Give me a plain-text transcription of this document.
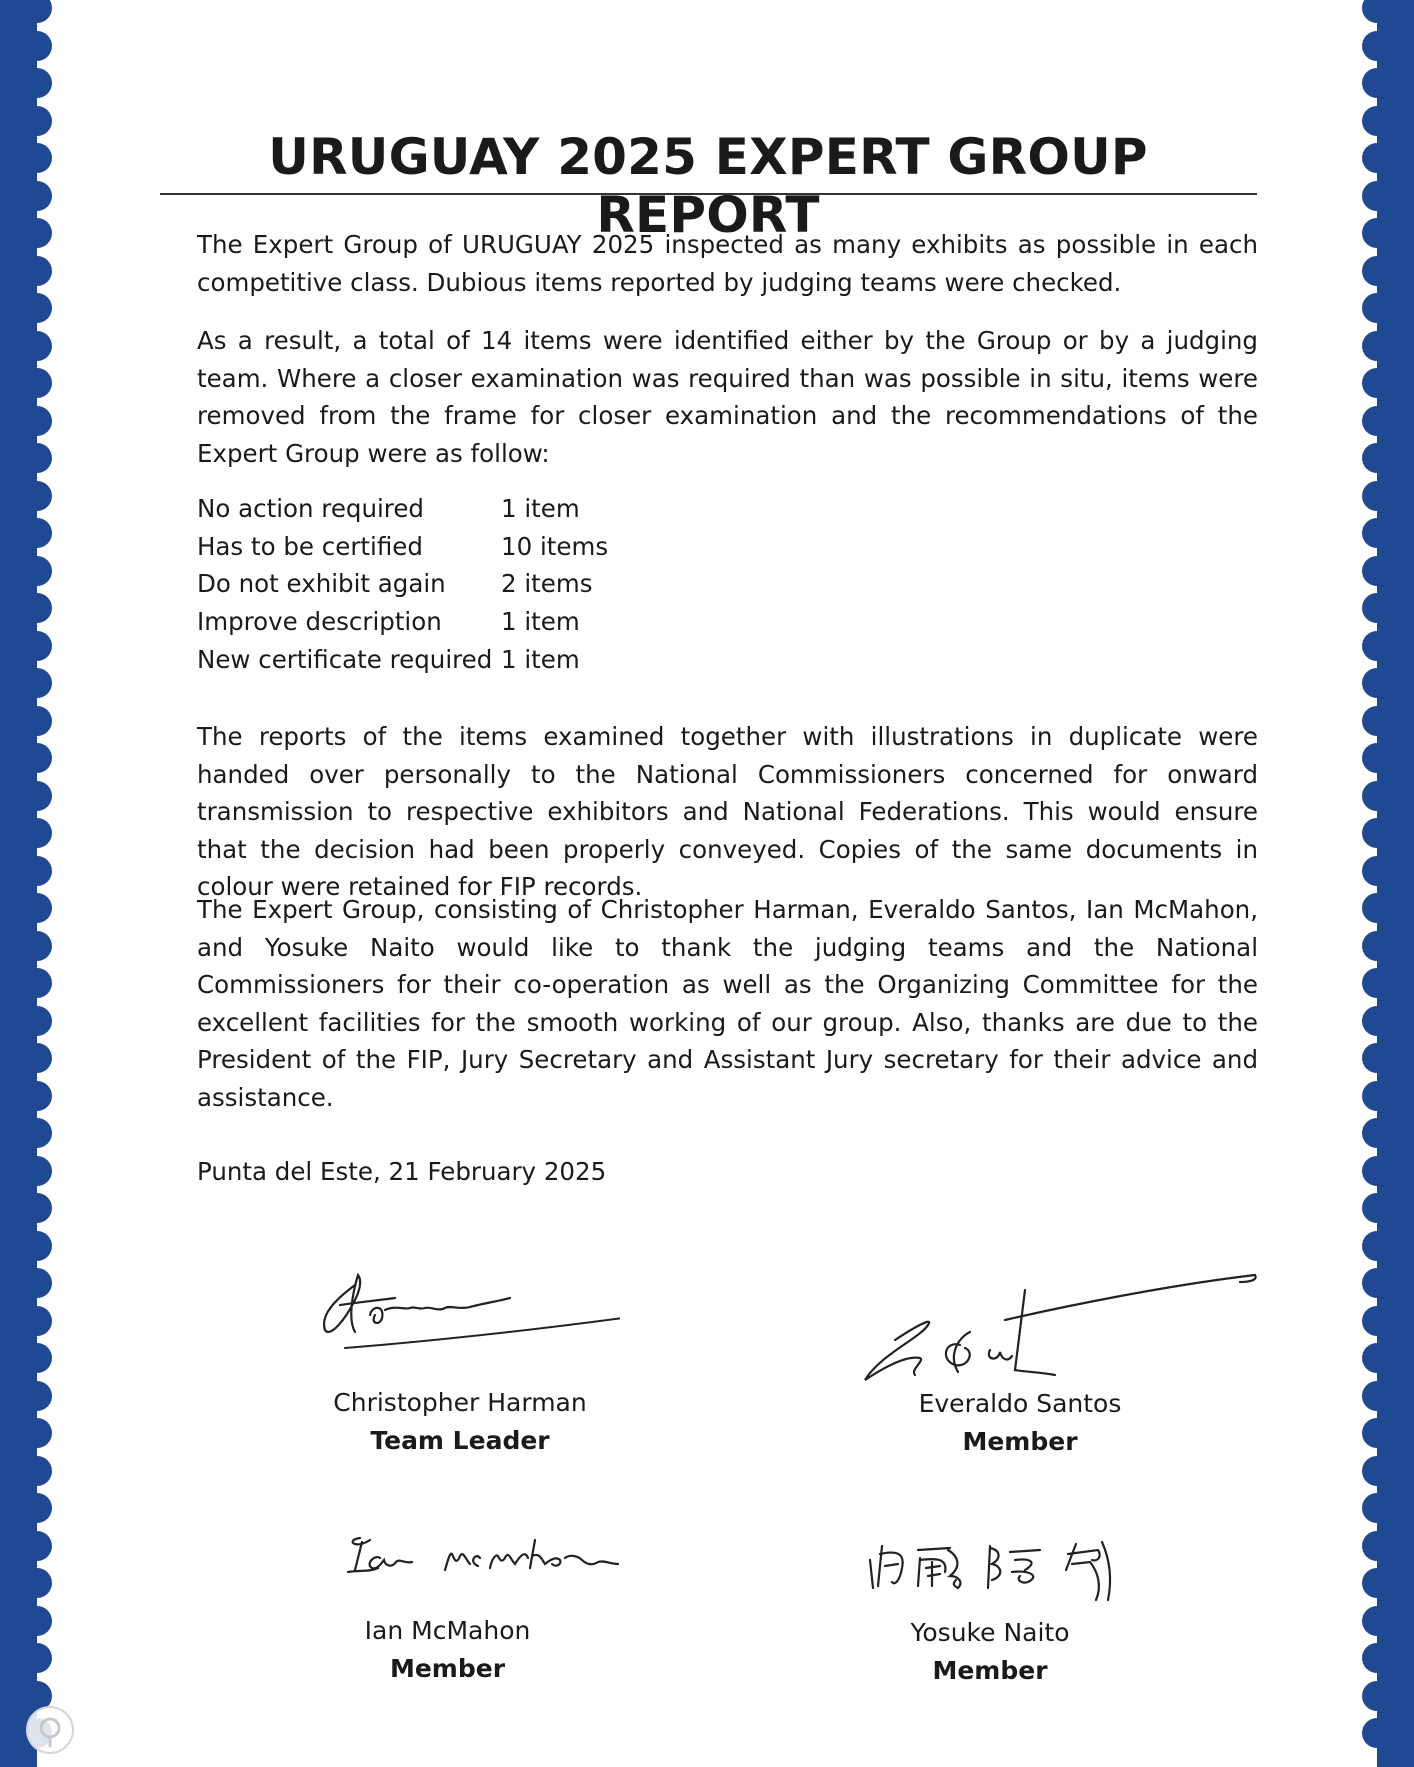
URUGUAY 2025 EXPERT GROUP REPORT

The Expert Group of URUGUAY 2025 inspected as many exhibits as possible in each competitive class. Dubious items reported by judging teams were checked.

As a result, a total of 14 items were identified either by the Group or by a judging team. Where a closer examination was required than was possible in situ, items were removed from the frame for closer examination and the recommendations of the Expert Group were as follow:

No action required	1 item
Has to be certified	10 items
Do not exhibit again	2 items
Improve description	1 item
New certificate required 1 item

The reports of the items examined together with illustrations in duplicate were handed over personally to the National Commissioners concerned for onward transmission to respective exhibitors and National Federations. This would ensure that the decision had been properly conveyed. Copies of the same documents in colour were retained for FIP records.

The Expert Group, consisting of Christopher Harman, Everaldo Santos, Ian McMahon, and Yosuke Naito would like to thank the judging teams and the National Commissioners for their co-operation as well as the Organizing Committee for the excellent facilities for the smooth working of our group. Also, thanks are due to the President of the FIP, Jury Secretary and Assistant Jury secretary for their advice and assistance.

Punta del Este, 21 February 2025
Christopher Harman
Team Leader
Everaldo Santos
Member
Ian McMahon
Member
Yosuke Naito
Member
